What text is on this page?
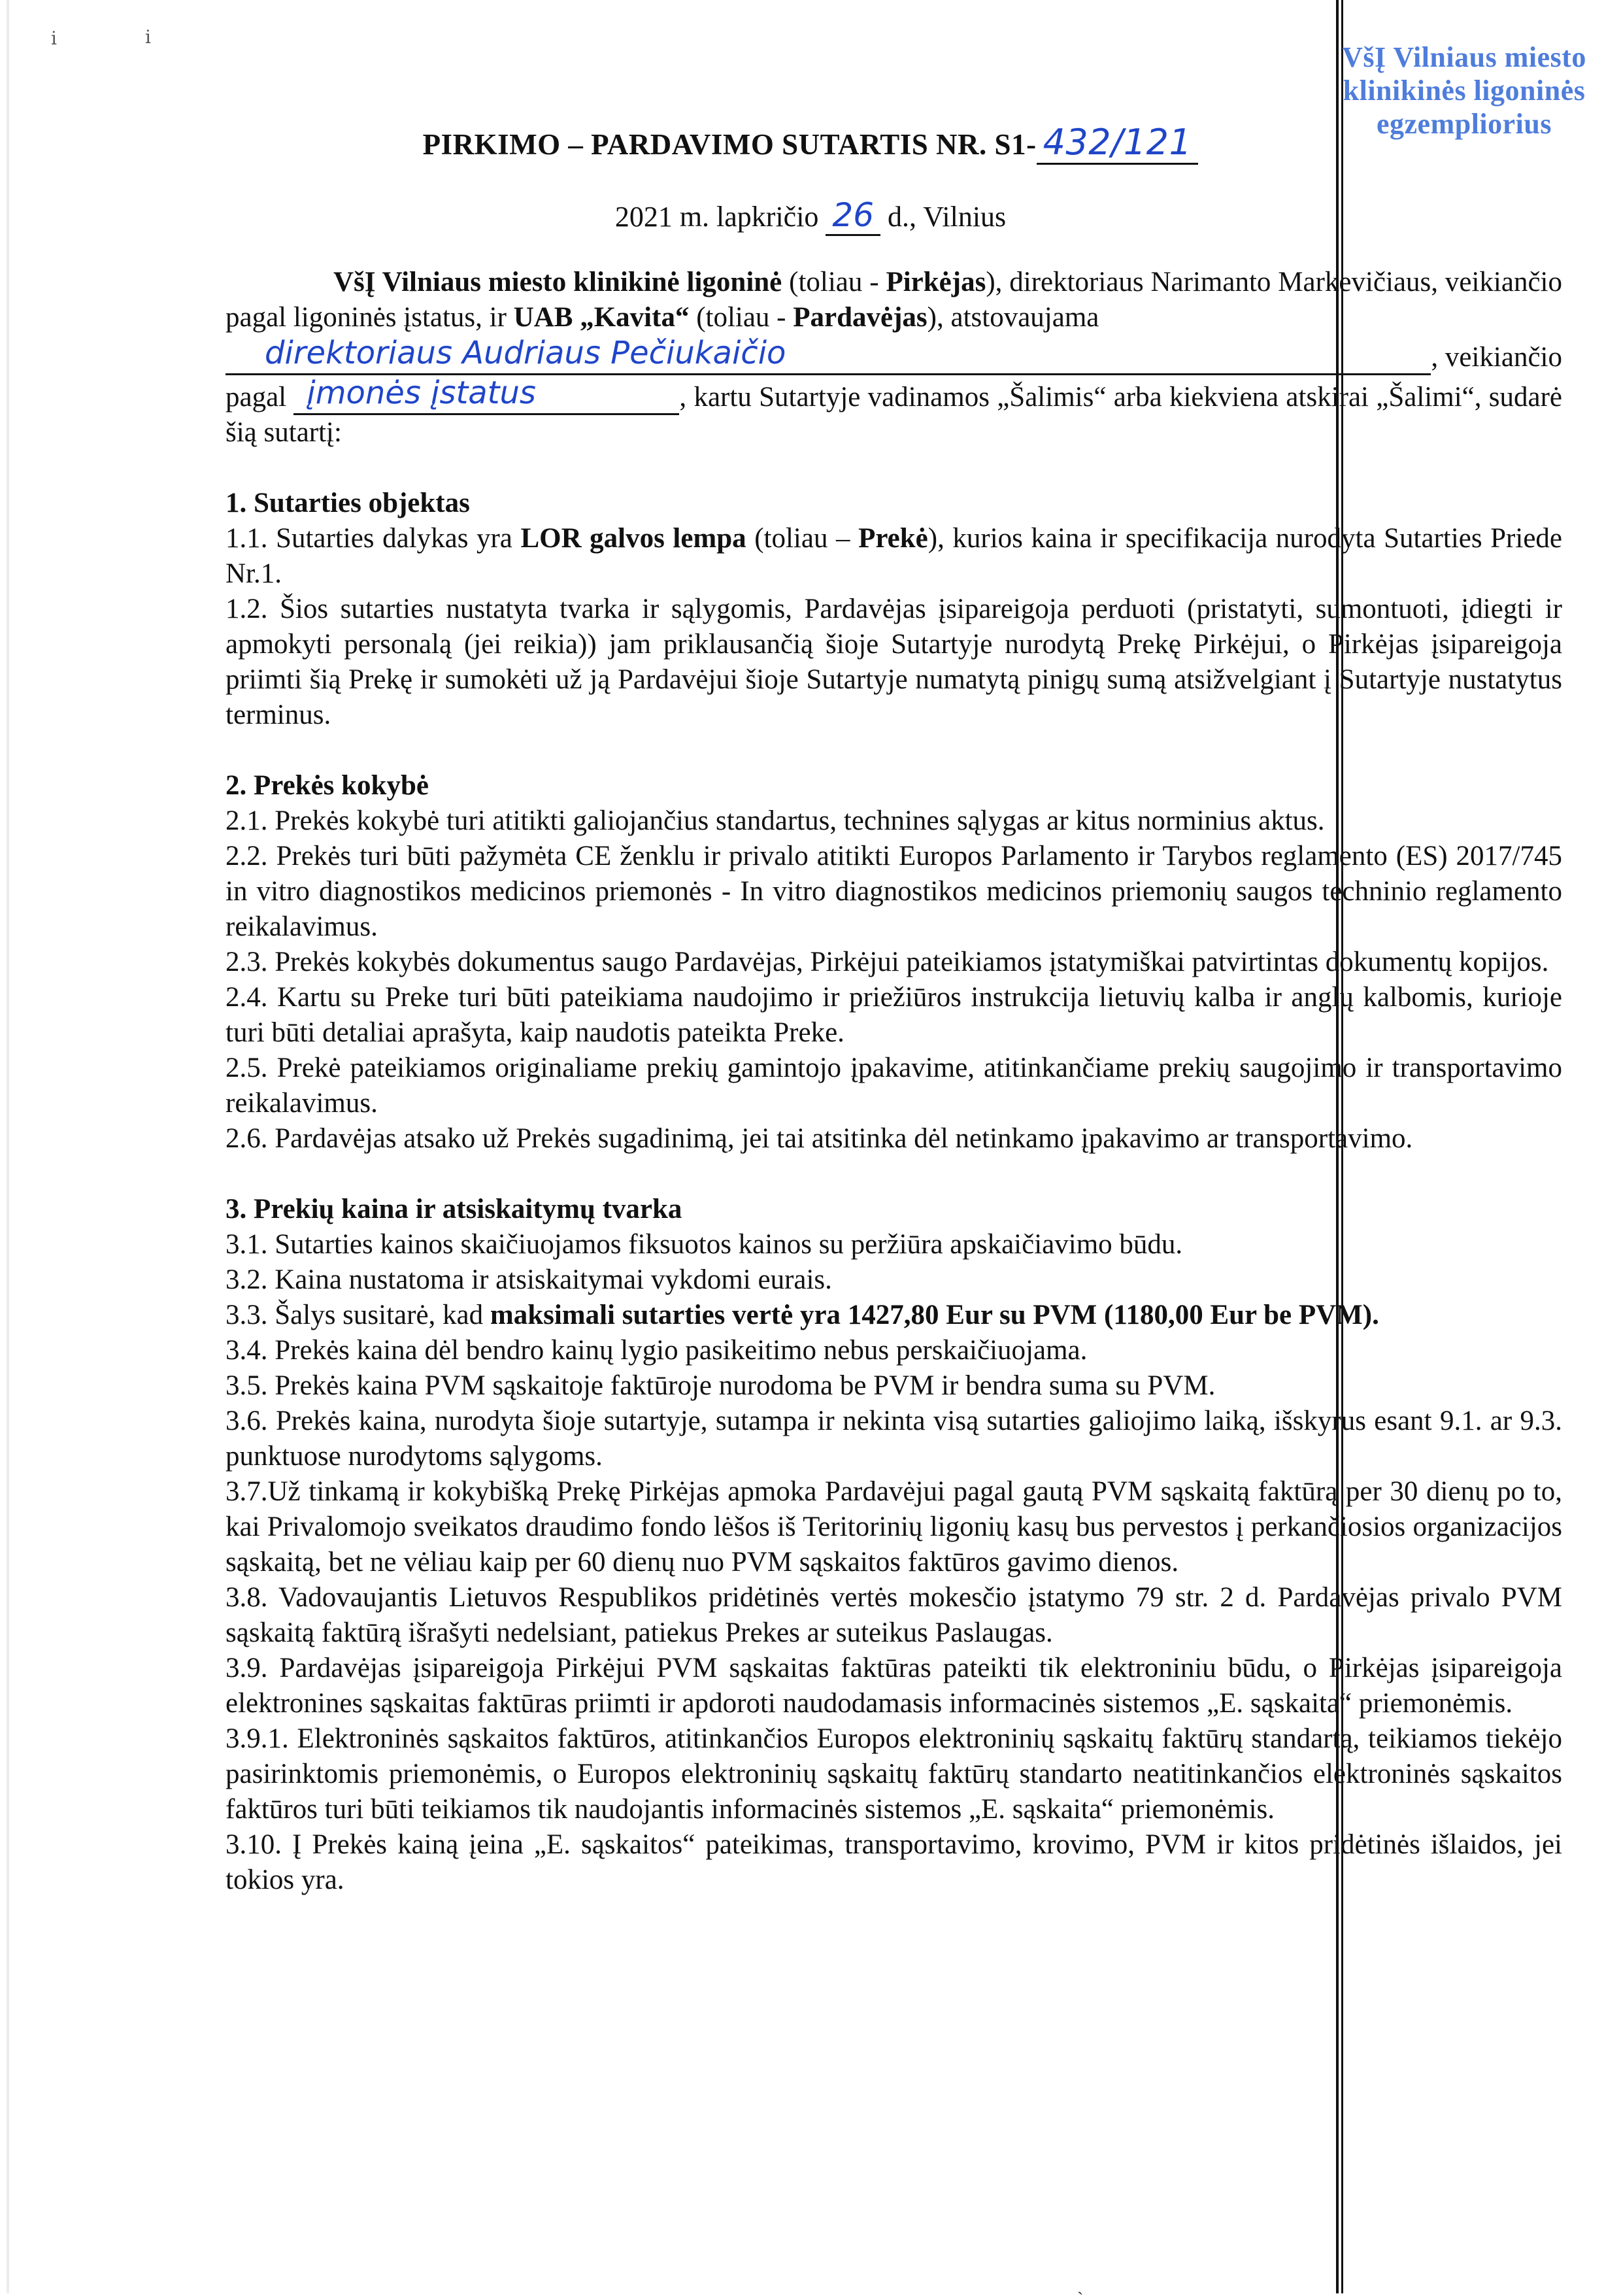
ⅰ	ⅰ
VšĮ Vilniaus miesto
klinikinės ligoninės
egzempliorius
PIRKIMO – PARDAVIMO SUTARTIS NR. S1- 432/121
2021 m. lapkričio 26 d., Vilnius

VšĮ Vilniaus miesto klinikinė ligoninė (toliau - Pirkėjas), direktoriaus Narimanto Markevičiaus, veikiančio pagal ligoninės įstatus, ir UAB „Kavita“ (toliau - Pardavėjas), atstovaujama

direktoriaus Audriaus Pečiukaičio	, veikiančio

pagal įmonės įstatus	, kartu Sutartyje vadinamos „Šalimis“ arba kiekviena atskirai „Šalimi“, sudarė šią sutartį:

1. Sutarties objektas

1.1. Sutarties dalykas yra LOR galvos lempa (toliau – Prekė), kurios kaina ir specifikacija nurodyta Sutarties Priede Nr.1.

1.2. Šios sutarties nustatyta tvarka ir sąlygomis, Pardavėjas įsipareigoja perduoti (pristatyti, sumontuoti, įdiegti ir apmokyti personalą (jei reikia)) jam priklausančią šioje Sutartyje nurodytą Prekę Pirkėjui, o Pirkėjas įsipareigoja priimti šią Prekę ir sumokėti už ją Pardavėjui šioje Sutartyje numatytą pinigų sumą atsižvelgiant į Sutartyje nustatytus terminus.

2. Prekės kokybė

2.1. Prekės kokybė turi atitikti galiojančius standartus, technines sąlygas ar kitus norminius aktus.

2.2. Prekės turi būti pažymėta CE ženklu ir privalo atitikti Europos Parlamento ir Tarybos reglamento (ES) 2017/745 in vitro diagnostikos medicinos priemonės - In vitro diagnostikos medicinos priemonių saugos techninio reglamento reikalavimus.

2.3. Prekės kokybės dokumentus saugo Pardavėjas, Pirkėjui pateikiamos įstatymiškai patvirtintas dokumentų kopijos.

2.4. Kartu su Preke turi būti pateikiama naudojimo ir priežiūros instrukcija lietuvių kalba ir anglų kalbomis, kurioje turi būti detaliai aprašyta, kaip naudotis pateikta Preke.

2.5. Prekė pateikiamos originaliame prekių gamintojo įpakavime, atitinkančiame prekių saugojimo ir transportavimo reikalavimus.

2.6. Pardavėjas atsako už Prekės sugadinimą, jei tai atsitinka dėl netinkamo įpakavimo ar transportavimo.

3. Prekių kaina ir atsiskaitymų tvarka

3.1. Sutarties kainos skaičiuojamos fiksuotos kainos su peržiūra apskaičiavimo būdu.

3.2. Kaina nustatoma ir atsiskaitymai vykdomi eurais.

3.3. Šalys susitarė, kad maksimali sutarties vertė yra 1427,80 Eur su PVM (1180,00 Eur be PVM).

3.4. Prekės kaina dėl bendro kainų lygio pasikeitimo nebus perskaičiuojama.

3.5. Prekės kaina PVM sąskaitoje faktūroje nurodoma be PVM ir bendra suma su PVM.

3.6. Prekės kaina, nurodyta šioje sutartyje, sutampa ir nekinta visą sutarties galiojimo laiką, išskyrus esant 9.1. ar 9.3. punktuose nurodytoms sąlygoms.

3.7.Už tinkamą ir kokybišką Prekę Pirkėjas apmoka Pardavėjui pagal gautą PVM sąskaitą faktūrą per 30 dienų po to, kai Privalomojo sveikatos draudimo fondo lėšos iš Teritorinių ligonių kasų bus pervestos į perkančiosios organizacijos sąskaitą, bet ne vėliau kaip per 60 dienų nuo PVM sąskaitos faktūros gavimo dienos.

3.8. Vadovaujantis Lietuvos Respublikos pridėtinės vertės mokesčio įstatymo 79 str. 2 d. Pardavėjas privalo PVM sąskaitą faktūrą išrašyti nedelsiant, patiekus Prekes ar suteikus Paslaugas.

3.9. Pardavėjas įsipareigoja Pirkėjui PVM sąskaitas faktūras pateikti tik elektroniniu būdu, o Pirkėjas įsipareigoja elektronines sąskaitas faktūras priimti ir apdoroti naudodamasis informacinės sistemos „E. sąskaita“ priemonėmis.

3.9.1. Elektroninės sąskaitos faktūros, atitinkančios Europos elektroninių sąskaitų faktūrų standartą, teikiamos tiekėjo pasirinktomis priemonėmis, o Europos elektroninių sąskaitų faktūrų standarto neatitinkančios elektroninės sąskaitos faktūros turi būti teikiamos tik naudojantis informacinės sistemos „E. sąskaita“ priemonėmis.

3.10. Į Prekės kainą įeina „E. sąskaitos“ pateikimas, transportavimo, krovimo, PVM ir kitos pridėtinės išlaidos, jei tokios yra.

ˏ
